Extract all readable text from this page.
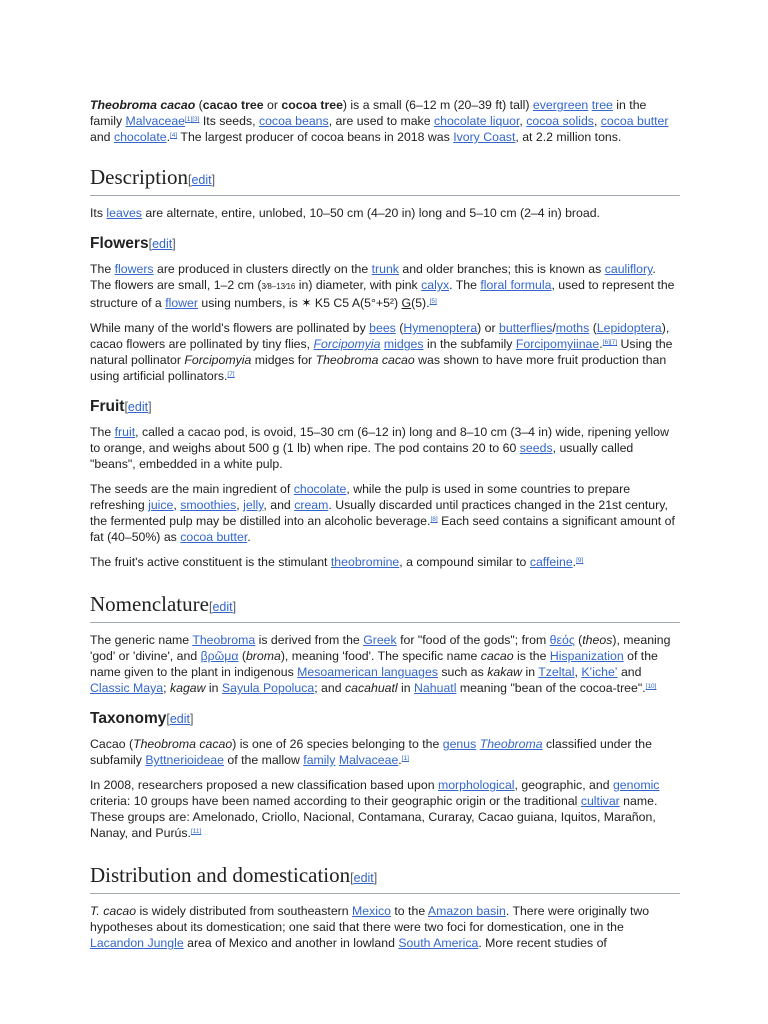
Theobroma cacao (cacao tree or cocoa tree) is a small (6–12 m (20–39 ft) tall) evergreen tree in the family Malvaceae[1][3] Its seeds, cocoa beans, are used to make chocolate liquor, cocoa solids, cocoa butter and chocolate.[4] The largest producer of cocoa beans in 2018 was Ivory Coast, at 2.2 million tons.

Description[edit]

Its leaves are alternate, entire, unlobed, 10–50 cm (4–20 in) long and 5–10 cm (2–4 in) broad.

Flowers[edit]

The flowers are produced in clusters directly on the trunk and older branches; this is known as cauliflory. The flowers are small, 1–2 cm (3⁄8–13⁄16 in) diameter, with pink calyx. The floral formula, used to represent the structure of a flower using numbers, is ✶ K5 C5 A(5°+5²) G(5).[5]

While many of the world's flowers are pollinated by bees (Hymenoptera) or butterflies/moths (Lepidoptera), cacao flowers are pollinated by tiny flies, Forcipomyia midges in the subfamily Forcipomyiinae.[6][7] Using the natural pollinator Forcipomyia midges for Theobroma cacao was shown to have more fruit production than using artificial pollinators.[7]

Fruit[edit]

The fruit, called a cacao pod, is ovoid, 15–30 cm (6–12 in) long and 8–10 cm (3–4 in) wide, ripening yellow to orange, and weighs about 500 g (1 lb) when ripe. The pod contains 20 to 60 seeds, usually called "beans", embedded in a white pulp.

The seeds are the main ingredient of chocolate, while the pulp is used in some countries to prepare refreshing juice, smoothies, jelly, and cream. Usually discarded until practices changed in the 21st century, the fermented pulp may be distilled into an alcoholic beverage.[8] Each seed contains a significant amount of fat (40–50%) as cocoa butter.

The fruit's active constituent is the stimulant theobromine, a compound similar to caffeine.[9]

Nomenclature[edit]

The generic name Theobroma is derived from the Greek for "food of the gods"; from θεός (theos), meaning 'god' or 'divine', and βρῶμα (broma), meaning 'food'. The specific name cacao is the Hispanization of the name given to the plant in indigenous Mesoamerican languages such as kakaw in Tzeltal, Kʼicheʼ and Classic Maya; kagaw in Sayula Popoluca; and cacahuatl in Nahuatl meaning "bean of the cocoa-tree".[10]

Taxonomy[edit]

Cacao (Theobroma cacao) is one of 26 species belonging to the genus Theobroma classified under the subfamily Byttnerioideae of the mallow family Malvaceae.[1]

In 2008, researchers proposed a new classification based upon morphological, geographic, and genomic criteria: 10 groups have been named according to their geographic origin or the traditional cultivar name. These groups are: Amelonado, Criollo, Nacional, Contamana, Curaray, Cacao guiana, Iquitos, Marañon, Nanay, and Purús.[11]

Distribution and domestication[edit]

T. cacao is widely distributed from southeastern Mexico to the Amazon basin. There were originally two hypotheses about its domestication; one said that there were two foci for domestication, one in the Lacandon Jungle area of Mexico and another in lowland South America. More recent studies of
